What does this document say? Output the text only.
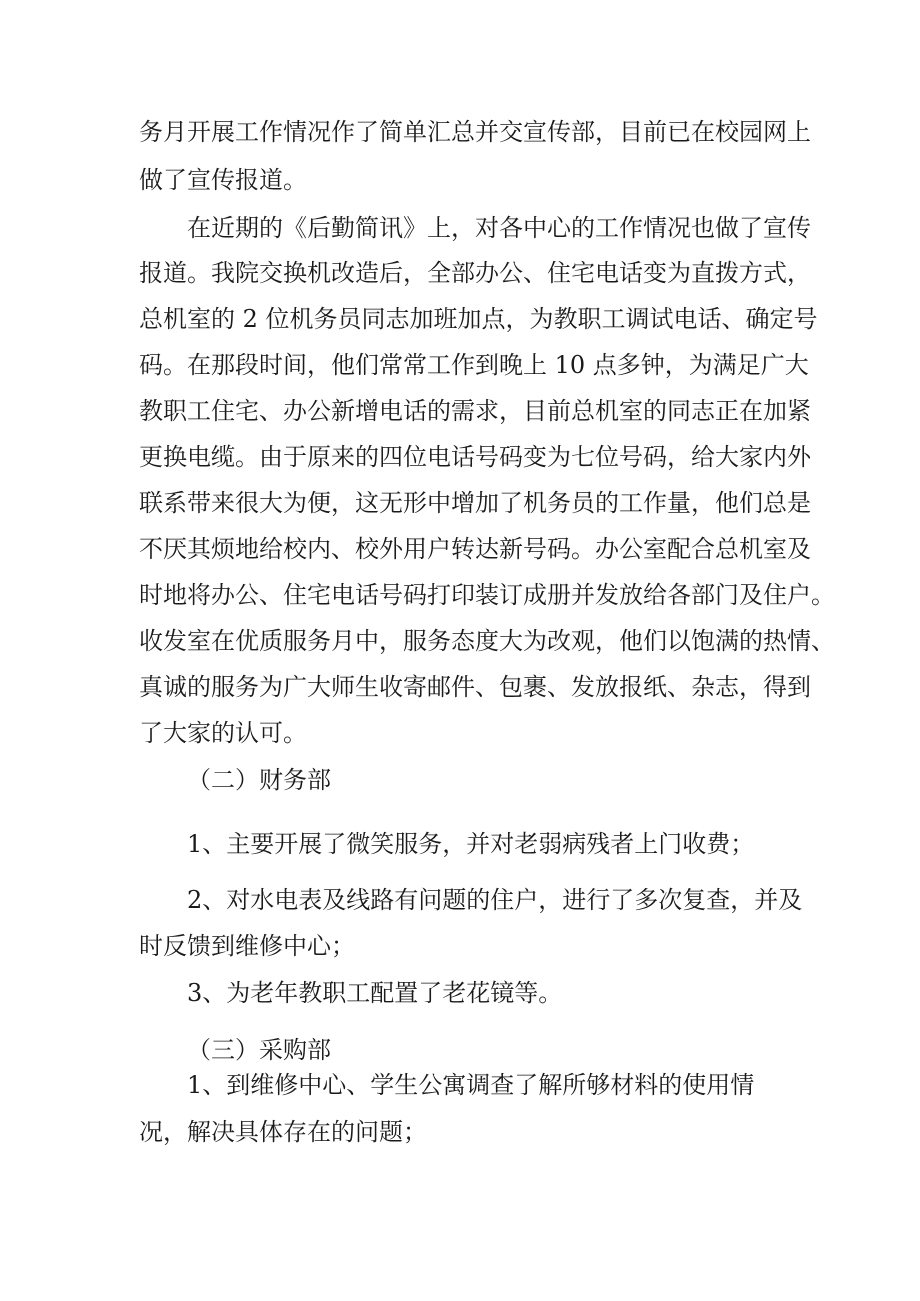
务月开展工作情况作了简单汇总并交宣传部，目前已在校园网上
做了宣传报道。
在近期的《后勤简讯》上，对各中心的工作情况也做了宣传
报道。我院交换机改造后，全部办公、住宅电话变为直拨方式，
总机室的 2 位机务员同志加班加点，为教职工调试电话、确定号
码。在那段时间，他们常常工作到晚上 10 点多钟，为满足广大
教职工住宅、办公新增电话的需求，目前总机室的同志正在加紧
更换电缆。由于原来的四位电话号码变为七位号码，给大家内外
联系带来很大为便，这无形中增加了机务员的工作量，他们总是
不厌其烦地给校内、校外用户转达新号码。办公室配合总机室及
时地将办公、住宅电话号码打印装订成册并发放给各部门及住户。
收发室在优质服务月中，服务态度大为改观，他们以饱满的热情、
真诚的服务为广大师生收寄邮件、包裹、发放报纸、杂志，得到
了大家的认可。
（二）财务部
1、主要开展了微笑服务，并对老弱病残者上门收费；
2、对水电表及线路有问题的住户，进行了多次复查，并及
时反馈到维修中心；
3、为老年教职工配置了老花镜等。
（三）采购部
1、到维修中心、学生公寓调查了解所够材料的使用情
况，解决具体存在的问题；
